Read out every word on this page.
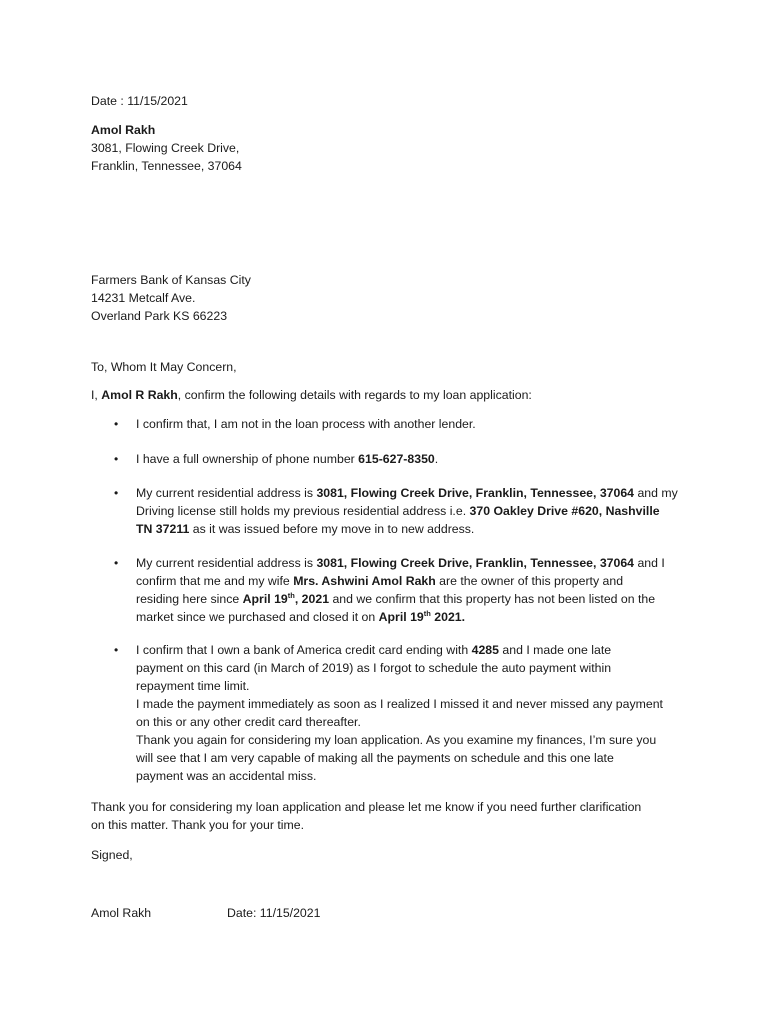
Date : 11/15/2021
Amol Rakh
3081, Flowing Creek Drive,
Franklin, Tennessee, 37064
Farmers Bank of Kansas City
14231 Metcalf Ave.
Overland Park KS 66223
To, Whom It May Concern,
I, Amol R Rakh, confirm the following details with regards to my loan application:
• I confirm that, I am not in the loan process with another lender.
• I have a full ownership of phone number 615-627-8350.
• My current residential address is 3081, Flowing Creek Drive, Franklin, Tennessee, 37064 and my
Driving license still holds my previous residential address i.e. 370 Oakley Drive #620, Nashville
TN 37211 as it was issued before my move in to new address.
• My current residential address is 3081, Flowing Creek Drive, Franklin, Tennessee, 37064 and I
confirm that me and my wife Mrs. Ashwini Amol Rakh are the owner of this property and
residing here since April 19th, 2021 and we confirm that this property has not been listed on the
market since we purchased and closed it on April 19th 2021.
• I confirm that I own a bank of America credit card ending with 4285 and I made one late
payment on this card (in March of 2019) as I forgot to schedule the auto payment within
repayment time limit.
I made the payment immediately as soon as I realized I missed it and never missed any payment
on this or any other credit card thereafter.
Thank you again for considering my loan application. As you examine my finances, I’m sure you
will see that I am very capable of making all the payments on schedule and this one late
payment was an accidental miss.
Thank you for considering my loan application and please let me know if you need further clarification
on this matter. Thank you for your time.
Signed,
Amol Rakh	Date: 11/15/2021
